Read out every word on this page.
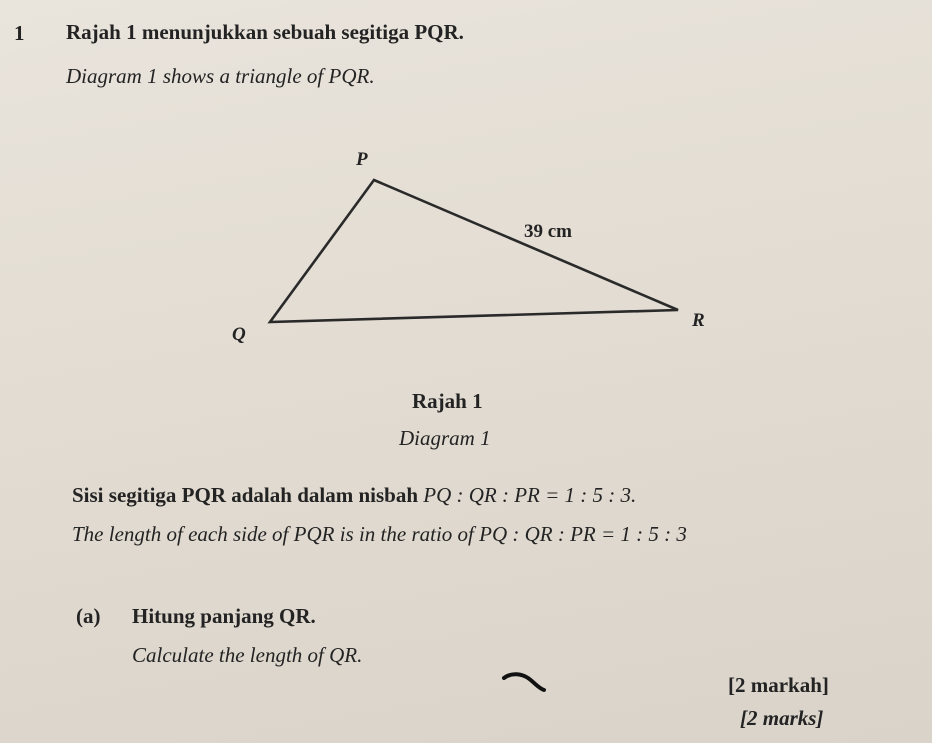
1 Rajah 1 menunjukkan sebuah segitiga PQR.
Diagram 1 shows a triangle of PQR.
P
Q
R
39 cm
Rajah 1
Diagram 1
Sisi segitiga PQR adalah dalam nisbah PQ : QR : PR = 1 : 5 : 3.
The length of each side of PQR is in the ratio of PQ : QR : PR = 1 : 5 : 3
(a) Hitung panjang QR.
Calculate the length of QR.
[2 markah]
[2 marks]
